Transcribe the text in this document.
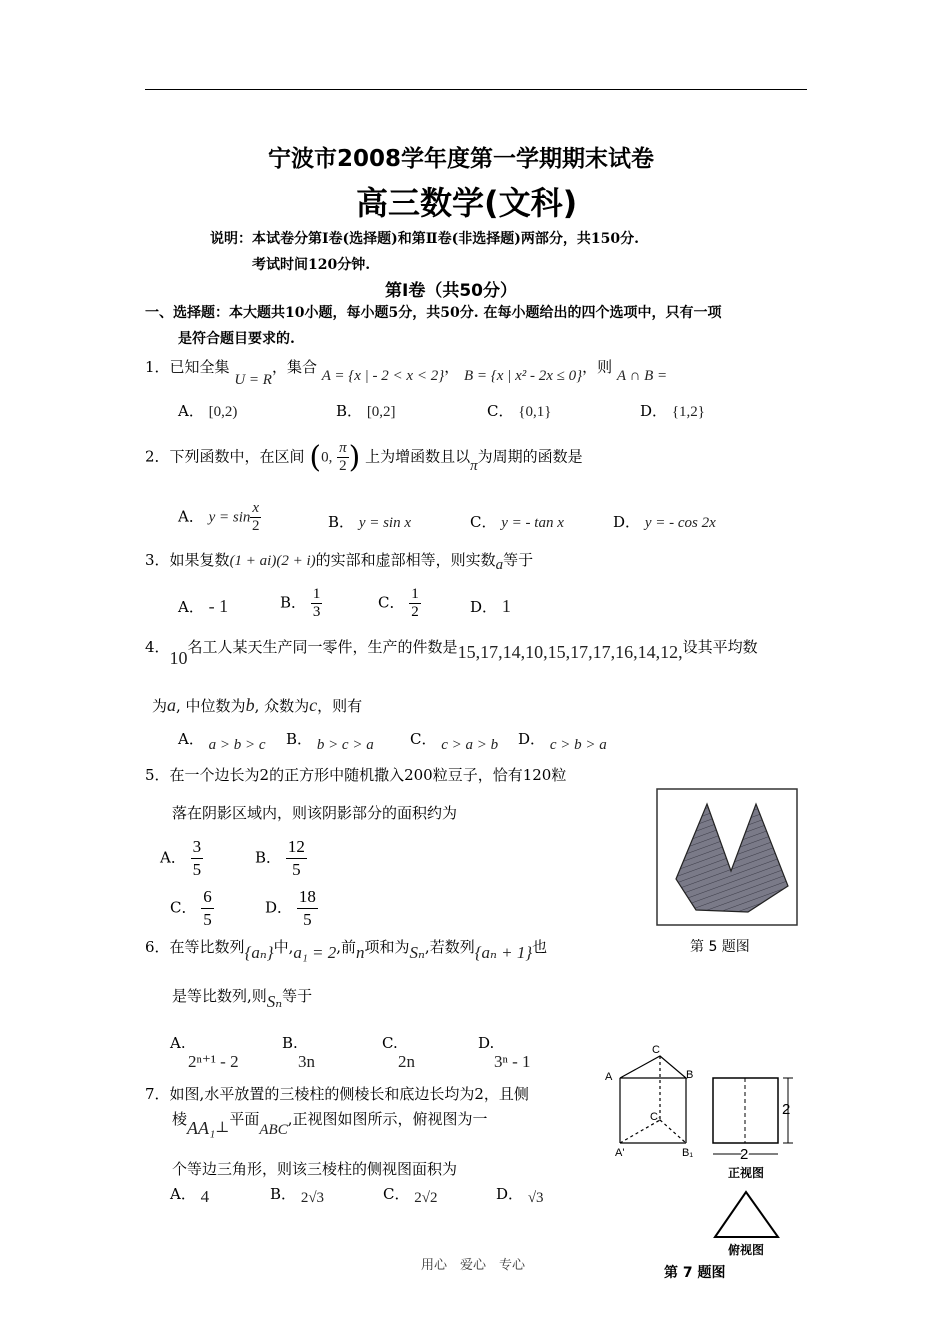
宁波市2008学年度第一学期期末试卷
高三数学(文科)
说明：本试卷分第Ⅰ卷(选择题)和第Ⅱ卷(非选择题)两部分，共150分.
考试时间120分钟.
第Ⅰ卷（共50分）
一、选择题：本大题共10小题，每小题5分，共50分. 在每小题给出的四个选项中，只有一项
是符合题目要求的.
1．已知全集 U = R，集合 A = {x | - 2 < x < 2}， B = {x | x² - 2x ≤ 0}，则 A ∩ B =
A． [0,2)	B． [0,2]	C． {0,1}	D． {1,2}
2．下列函数中，在区间 (0, $\frac{\pi}{2}$ ) 上为增函数且以π为周期的函数是
A． $y = \sin \frac{x}{2}$	B． y = sin x	C． y = - tan x	D． y = - cos 2x
3．如果复数(1 + ai)(2 + i)的实部和虚部相等，则实数a等于
A． - 1	B． $\frac{1}{3}$	C． $\frac{1}{2}$	D． 1
4．10名工人某天生产同一零件，生产的件数是15,17,14,10,15,17,17,16,14,12,设其平均数
为a, 中位数为b, 众数为c，则有
A． a > b > c B． b > c > a C． c > a > b D． c > b > a
5．在一个边长为2的正方形中随机撒入200粒豆子，恰有120粒
落在阴影区域内，则该阴影部分的面积约为
A． $\frac{3}{5}$	B． $\frac{12}{5}$
C． $\frac{6}{5}$	D． $\frac{18}{5}$
第 5 题图
6．在等比数列{aₙ}中,a₁ = 2,前n项和为Sₙ,若数列{aₙ + 1}也
是等比数列,则Sₙ等于
A.
2ⁿ⁺¹ - 2
B.
3n
C.
2n
D.
3ⁿ - 1
7．如图,水平放置的三棱柱的侧棱长和底边长均为2，且侧
棱AA₁⊥平面ABC,正视图如图所示，俯视图为一
个等边三角形，则该三棱柱的侧视图面积为
A． 4	B． 2√3	C． 2√2	D． √3
A
C
B
C₁
A'	B₁
2
2
正视图
俯视图
第 7 题图
用心　爱心　专心
